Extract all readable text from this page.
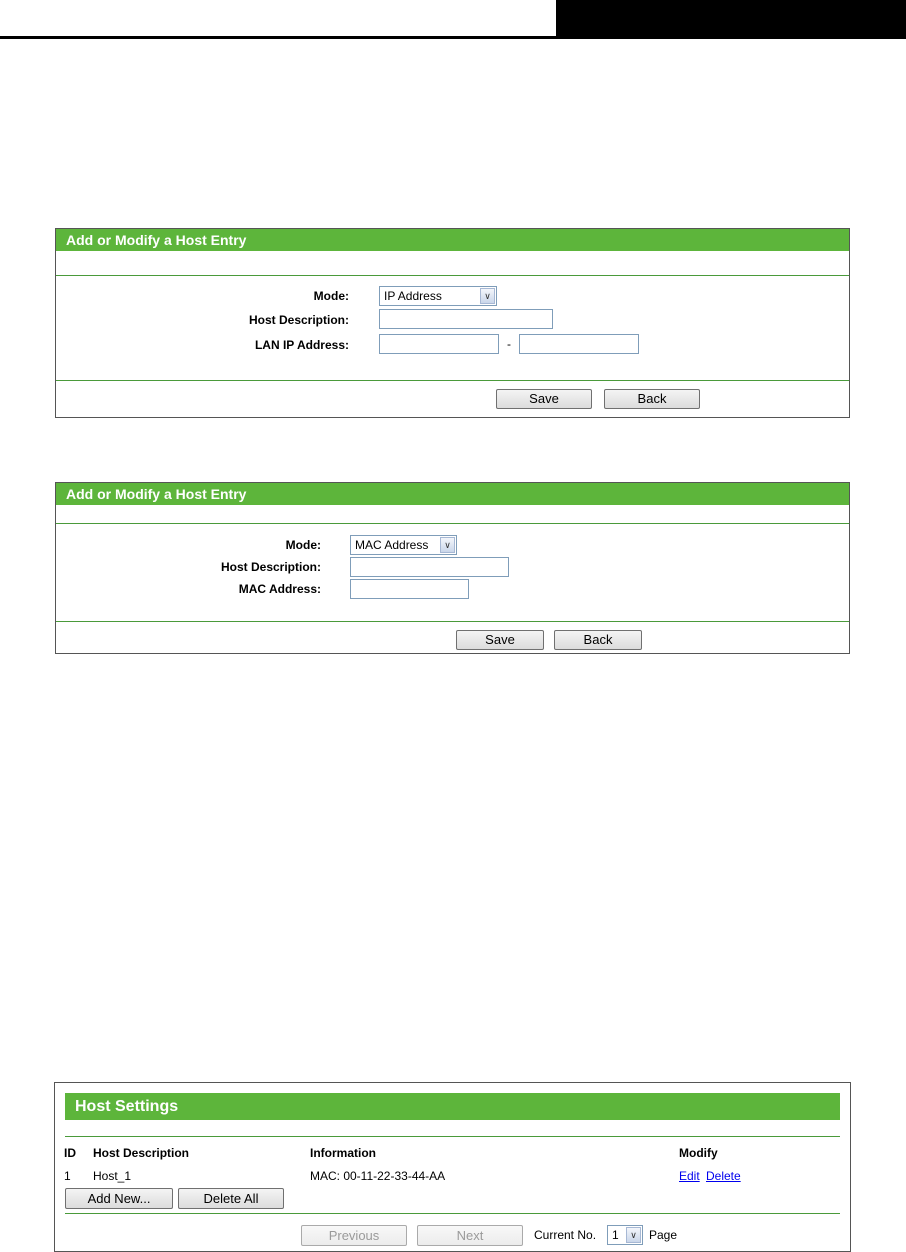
Add or Modify a Host Entry
Mode:	IP Address	∨
Host Description:
LAN IP Address:	-
Save	Back
Add or Modify a Host Entry
Mode:	MAC Address	∨
Host Description:
MAC Address:
Save	Back
Host Settings
ID Host Description	Information	Modify
1 Host_1	MAC: 00-11-22-33-44-AA	Edit Delete
Add New...	Delete All
Previous	Next	Current No.	1	∨	Page
